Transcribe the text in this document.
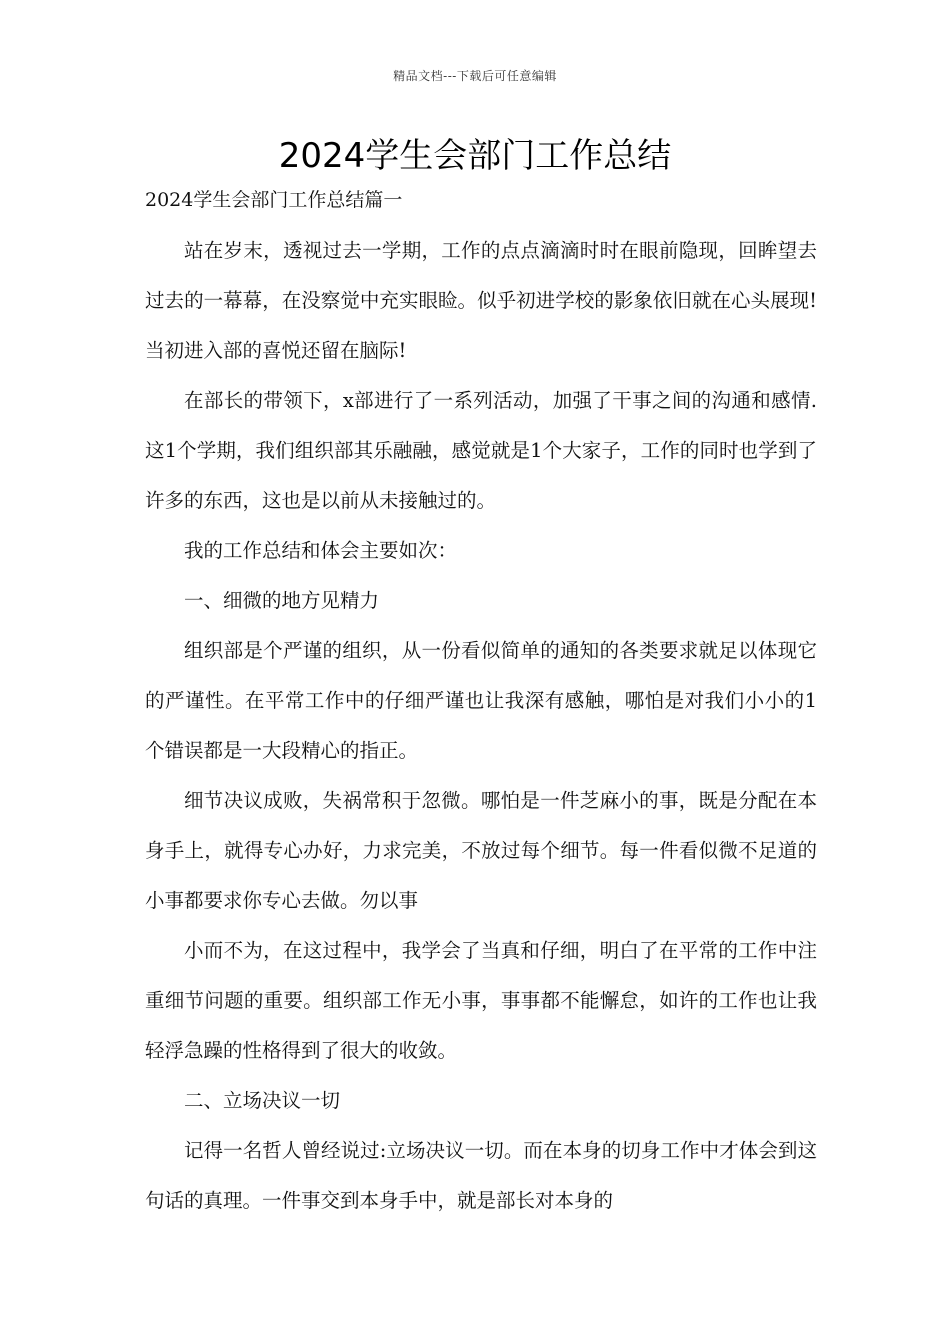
精品文档---下载后可任意编辑
2024学生会部门工作总结

2024学生会部门工作总结篇一

站在岁末，透视过去一学期，工作的点点滴滴时时在眼前隐现，回眸望去过去的一幕幕，在没察觉中充实眼睑。似乎初进学校的影象依旧就在心头展现!当初进入部的喜悦还留在脑际!

在部长的带领下，x部进行了一系列活动，加强了干事之间的沟通和感情.这1个学期，我们组织部其乐融融，感觉就是1个大家子，工作的同时也学到了许多的东西，这也是以前从未接触过的。

我的工作总结和体会主要如次：

一、细微的地方见精力

组织部是个严谨的组织，从一份看似简单的通知的各类要求就足以体现它的严谨性。在平常工作中的仔细严谨也让我深有感触，哪怕是对我们小小的1个错误都是一大段精心的指正。

细节决议成败，失祸常积于忽微。哪怕是一件芝麻小的事，既是分配在本身手上，就得专心办好，力求完美，不放过每个细节。每一件看似微不足道的小事都要求你专心去做。勿以事

小而不为，在这过程中，我学会了当真和仔细，明白了在平常的工作中注重细节问题的重要。组织部工作无小事，事事都不能懈怠，如许的工作也让我轻浮急躁的性格得到了很大的收敛。

二、立场决议一切

记得一名哲人曾经说过:立场决议一切。而在本身的切身工作中才体会到这句话的真理。一件事交到本身手中，就是部长对本身的
